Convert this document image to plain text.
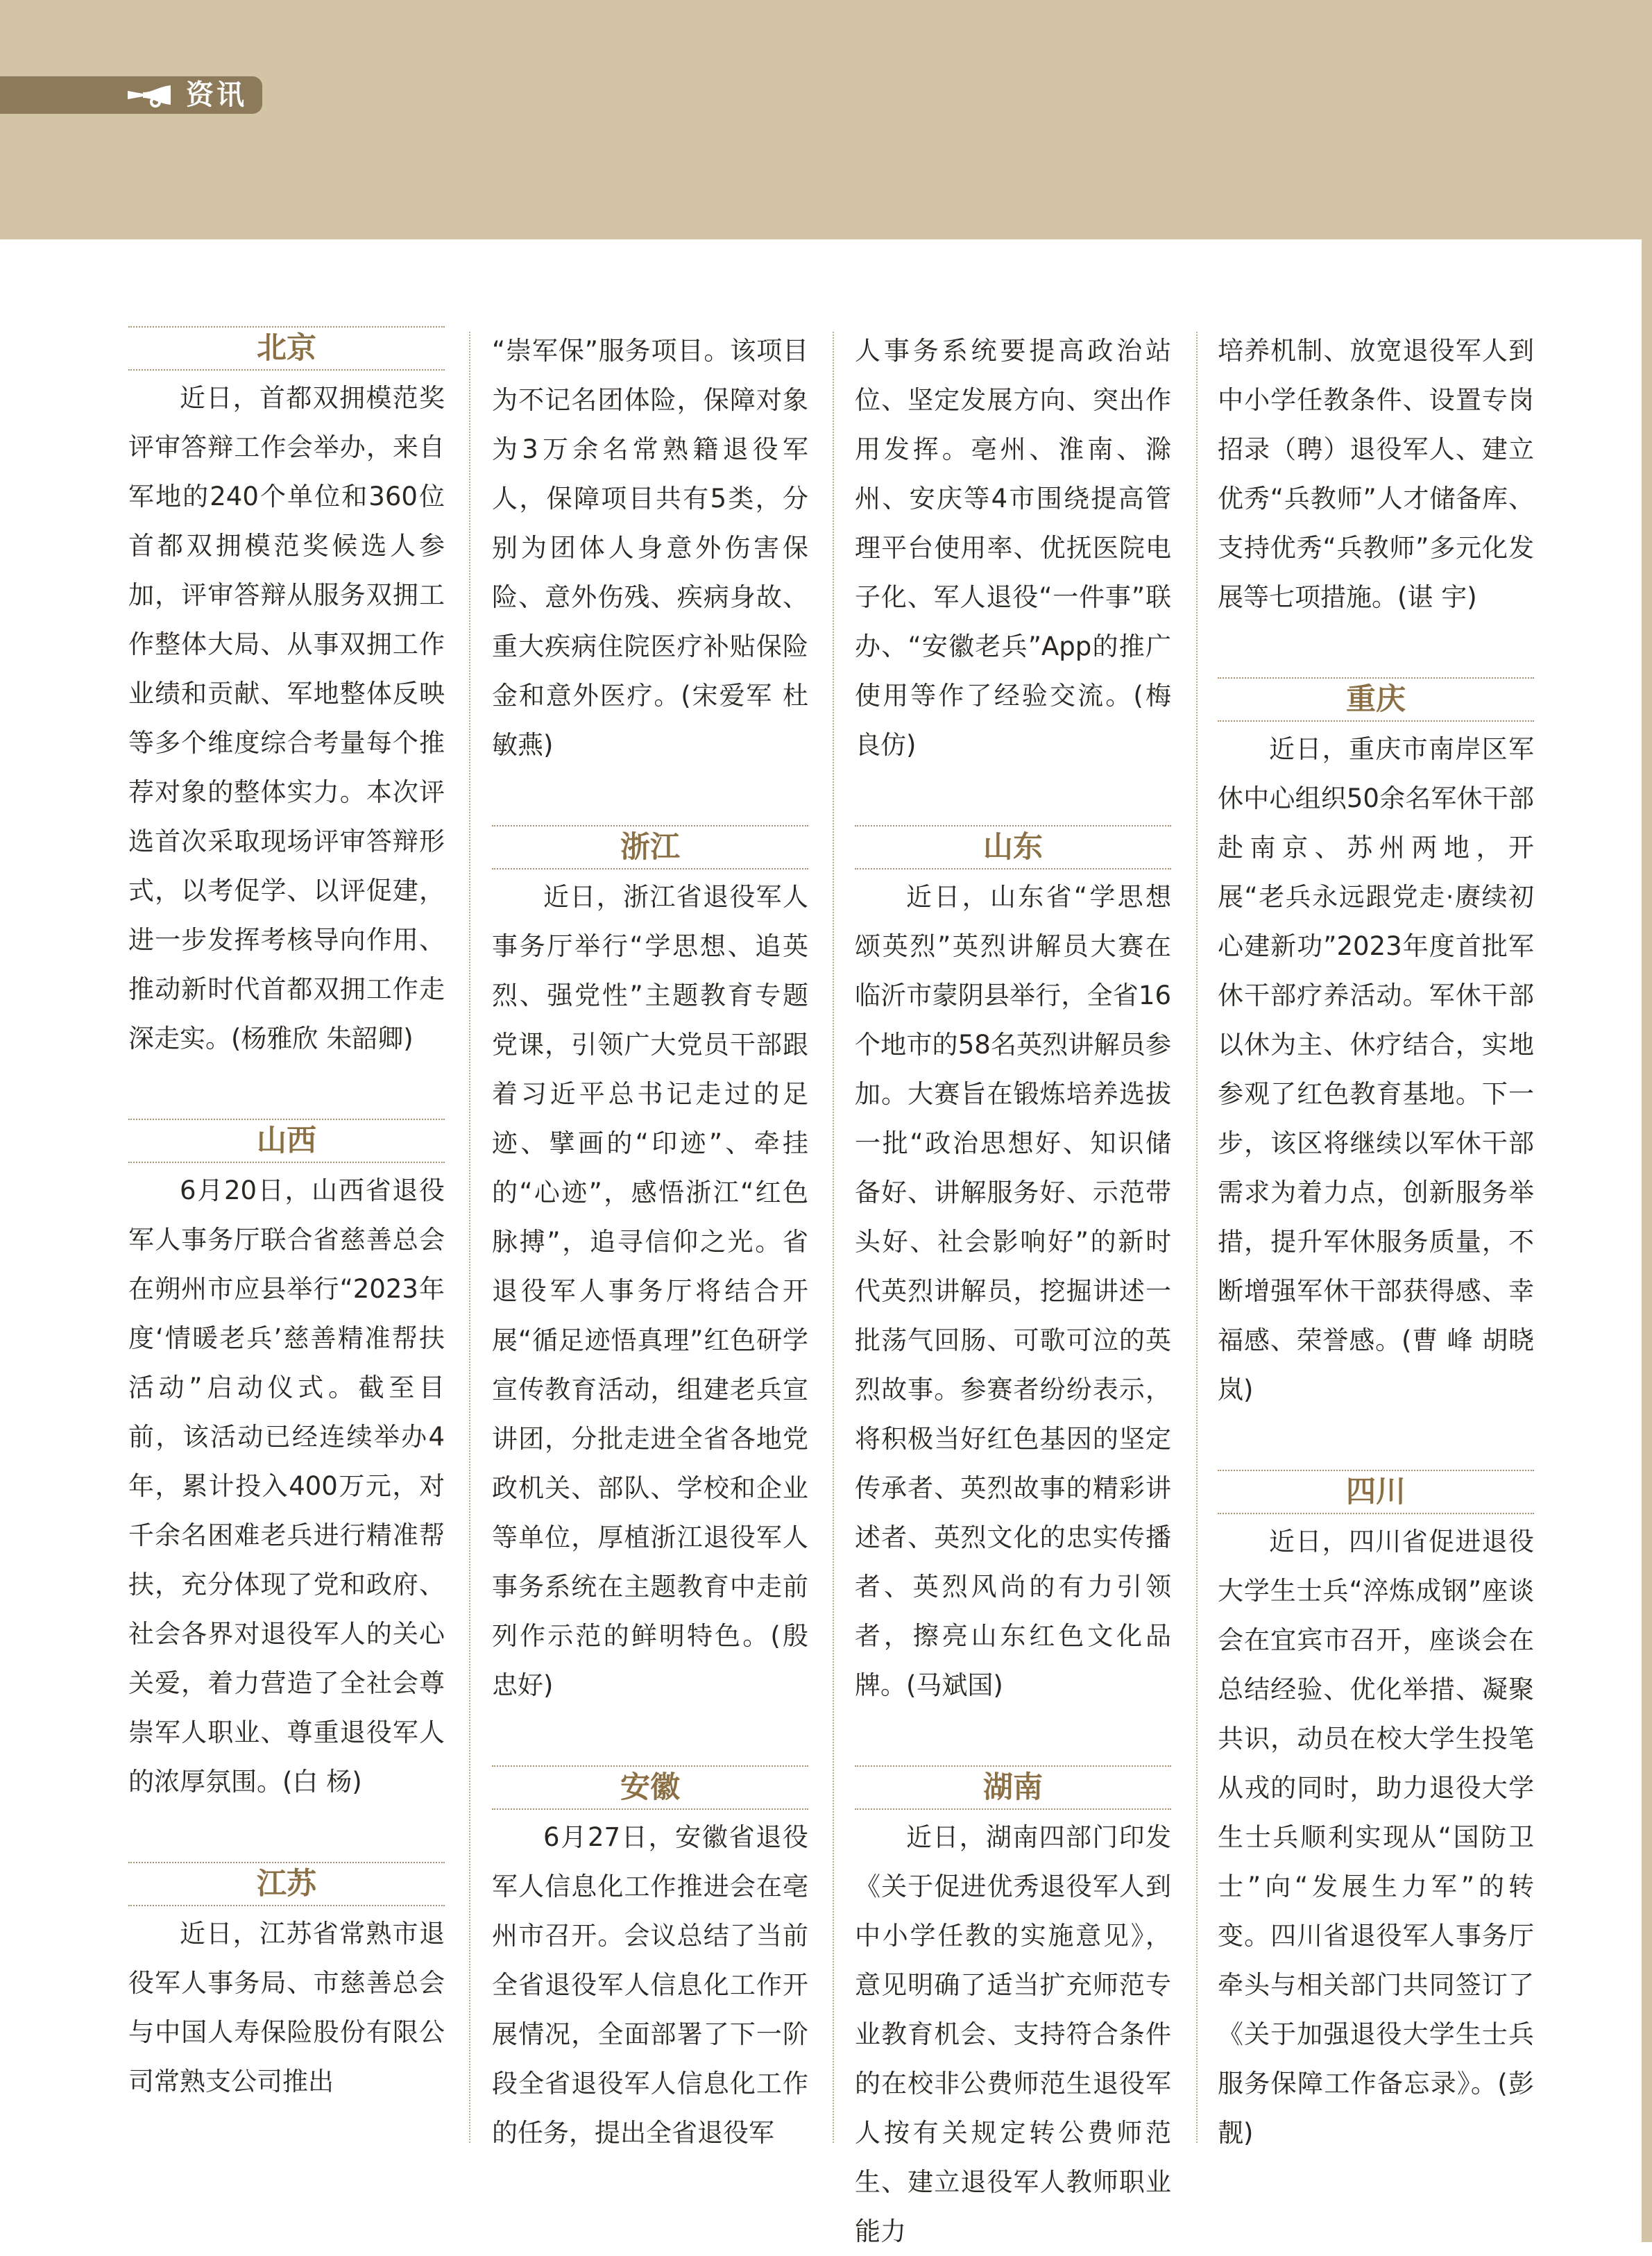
资讯
北京

近日，首都双拥模范奖评审答辩工作会举办，来自军地的240个单位和360位首都双拥模范奖候选人参加，评审答辩从服务双拥工作整体大局、从事双拥工作业绩和贡献、军地整体反映等多个维度综合考量每个推荐对象的整体实力。本次评选首次采取现场评审答辩形式，以考促学、以评促建，进一步发挥考核导向作用、推动新时代首都双拥工作走深走实。(杨雅欣 朱韶卿)

山西

6月20日，山西省退役军人事务厅联合省慈善总会在朔州市应县举行“2023年度‘情暖老兵’慈善精准帮扶活动”启动仪式。截至目前，该活动已经连续举办4年，累计投入400万元，对千余名困难老兵进行精准帮扶，充分体现了党和政府、社会各界对退役军人的关心关爱，着力营造了全社会尊崇军人职业、尊重退役军人的浓厚氛围。(白 杨)

江苏

近日，江苏省常熟市退役军人事务局、市慈善总会与中国人寿保险股份有限公司常熟支公司推出

“崇军保”服务项目。该项目为不记名团体险，保障对象为3万余名常熟籍退役军人，保障项目共有5类，分别为团体人身意外伤害保险、意外伤残、疾病身故、重大疾病住院医疗补贴保险金和意外医疗。(宋爱军 杜敏燕)

浙江

近日，浙江省退役军人事务厅举行“学思想、追英烈、强党性”主题教育专题党课，引领广大党员干部跟着习近平总书记走过的足迹、擘画的“印迹”、牵挂的“心迹”，感悟浙江“红色脉搏”，追寻信仰之光。省退役军人事务厅将结合开展“循足迹悟真理”红色研学宣传教育活动，组建老兵宣讲团，分批走进全省各地党政机关、部队、学校和企业等单位，厚植浙江退役军人事务系统在主题教育中走前列作示范的鲜明特色。(殷忠好)

安徽

6月27日，安徽省退役军人信息化工作推进会在亳州市召开。会议总结了当前全省退役军人信息化工作开展情况，全面部署了下一阶段全省退役军人信息化工作的任务，提出全省退役军

人事务系统要提高政治站位、坚定发展方向、突出作用发挥。亳州、淮南、滁州、安庆等4市围绕提高管理平台使用率、优抚医院电子化、军人退役“一件事”联办、“安徽老兵”App的推广使用等作了经验交流。(梅良仿)

山东

近日，山东省“学思想 颂英烈”英烈讲解员大赛在临沂市蒙阴县举行，全省16个地市的58名英烈讲解员参加。大赛旨在锻炼培养选拔一批“政治思想好、知识储备好、讲解服务好、示范带头好、社会影响好”的新时代英烈讲解员，挖掘讲述一批荡气回肠、可歌可泣的英烈故事。参赛者纷纷表示，将积极当好红色基因的坚定传承者、英烈故事的精彩讲述者、英烈文化的忠实传播者、英烈风尚的有力引领者，擦亮山东红色文化品牌。(马斌国)

湖南

近日，湖南四部门印发《关于促进优秀退役军人到中小学任教的实施意见》，意见明确了适当扩充师范专业教育机会、支持符合条件的在校非公费师范生退役军人按有关规定转公费师范生、建立退役军人教师职业能力

培养机制、放宽退役军人到中小学任教条件、设置专岗招录（聘）退役军人、建立优秀“兵教师”人才储备库、支持优秀“兵教师”多元化发展等七项措施。(谌 宇)

重庆

近日，重庆市南岸区军休中心组织50余名军休干部赴南京、苏州两地，开展“老兵永远跟党走·赓续初心建新功”2023年度首批军休干部疗养活动。军休干部以休为主、休疗结合，实地参观了红色教育基地。下一步，该区将继续以军休干部需求为着力点，创新服务举措，提升军休服务质量，不断增强军休干部获得感、幸福感、荣誉感。(曹 峰 胡晓岚)

四川

近日，四川省促进退役大学生士兵“淬炼成钢”座谈会在宜宾市召开，座谈会在总结经验、优化举措、凝聚共识，动员在校大学生投笔从戎的同时，助力退役大学生士兵顺利实现从“国防卫士”向“发展生力军”的转变。四川省退役军人事务厅牵头与相关部门共同签订了《关于加强退役大学生士兵服务保障工作备忘录》。(彭 靓)
